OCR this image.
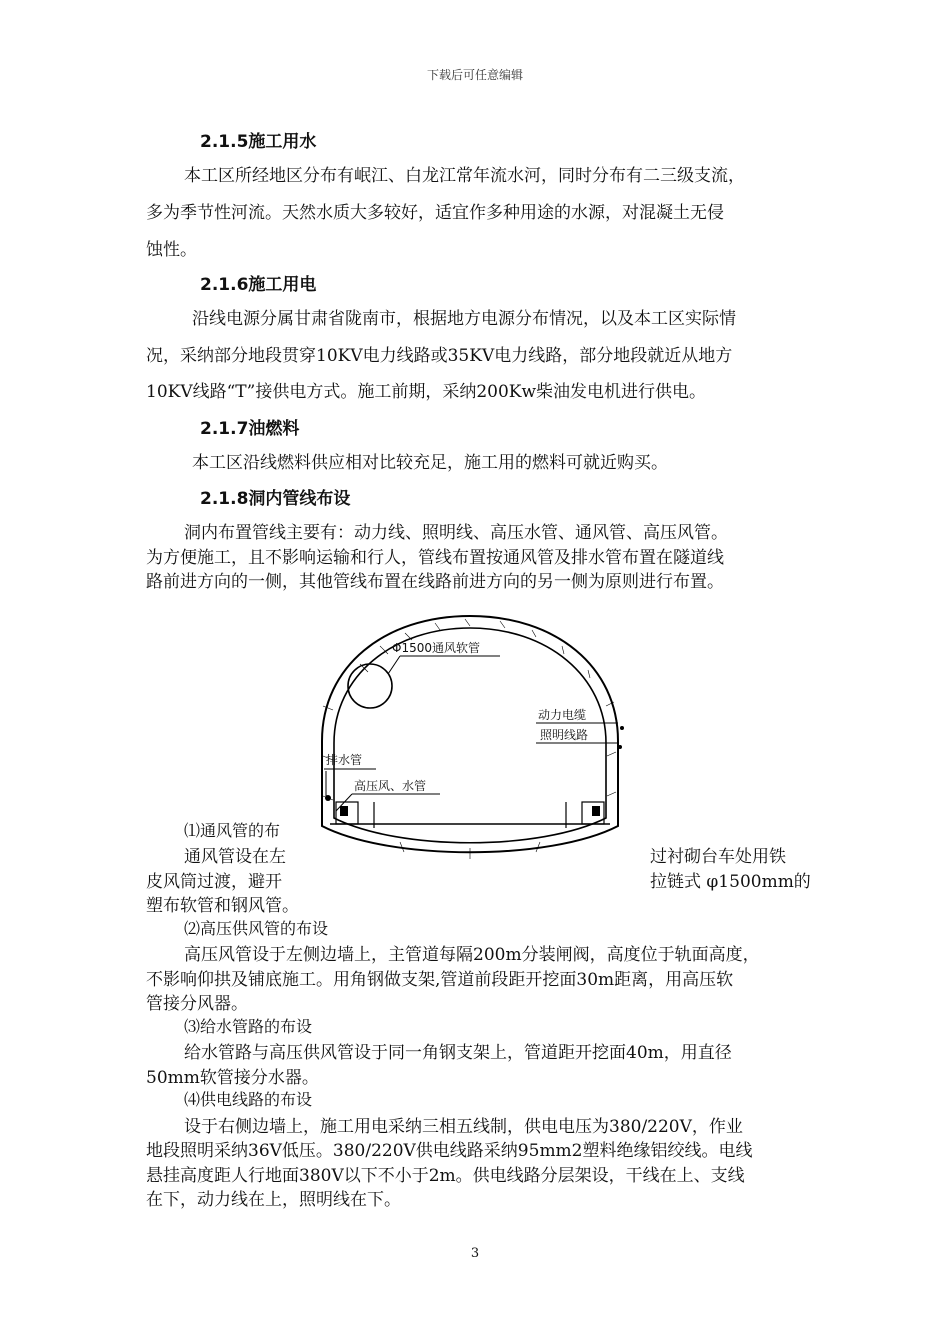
下载后可任意编辑
2.1.5施工用水
本工区所经地区分布有岷江、白龙江常年流水河，同时分布有二三级支流，
多为季节性河流。天然水质大多较好，适宜作多种用途的水源，对混凝土无侵
蚀性。
2.1.6施工用电
沿线电源分属甘肃省陇南市，根据地方电源分布情况，以及本工区实际情
况，采纳部分地段贯穿10KV电力线路或35KV电力线路，部分地段就近从地方
10KV线路“T”接供电方式。施工前期，采纳200Kw柴油发电机进行供电。
2.1.7油燃料
本工区沿线燃料供应相对比较充足，施工用的燃料可就近购买。
2.1.8洞内管线布设
洞内布置管线主要有：动力线、照明线、高压水管、通风管、高压风管。
为方便施工，且不影响运输和行人，管线布置按通风管及排水管布置在隧道线
路前进方向的一侧，其他管线布置在线路前进方向的另一侧为原则进行布置。
⑴通风管的布
通风管设在左	过衬砌台车处用铁
皮风筒过渡，避开	拉链式 φ1500mm的
塑布软管和钢风管。
Φ1500通风软管
动力电缆
照明线路
排水管
高压风、水管
⑵高压供风管的布设
高压风管设于左侧边墙上，主管道每隔200m分装闸阀，高度位于轨面高度，
不影响仰拱及铺底施工。用角钢做支架,管道前段距开挖面30m距离，用高压软
管接分风器。
⑶给水管路的布设
给水管路与高压供风管设于同一角钢支架上，管道距开挖面40m，用直径
50mm软管接分水器。
⑷供电线路的布设
设于右侧边墙上，施工用电采纳三相五线制，供电电压为380/220V，作业
地段照明采纳36V低压。380/220V供电线路采纳95mm2塑料绝缘铝绞线。电线
悬挂高度距人行地面380V以下不小于2m。供电线路分层架设，干线在上、支线
在下，动力线在上，照明线在下。
3
